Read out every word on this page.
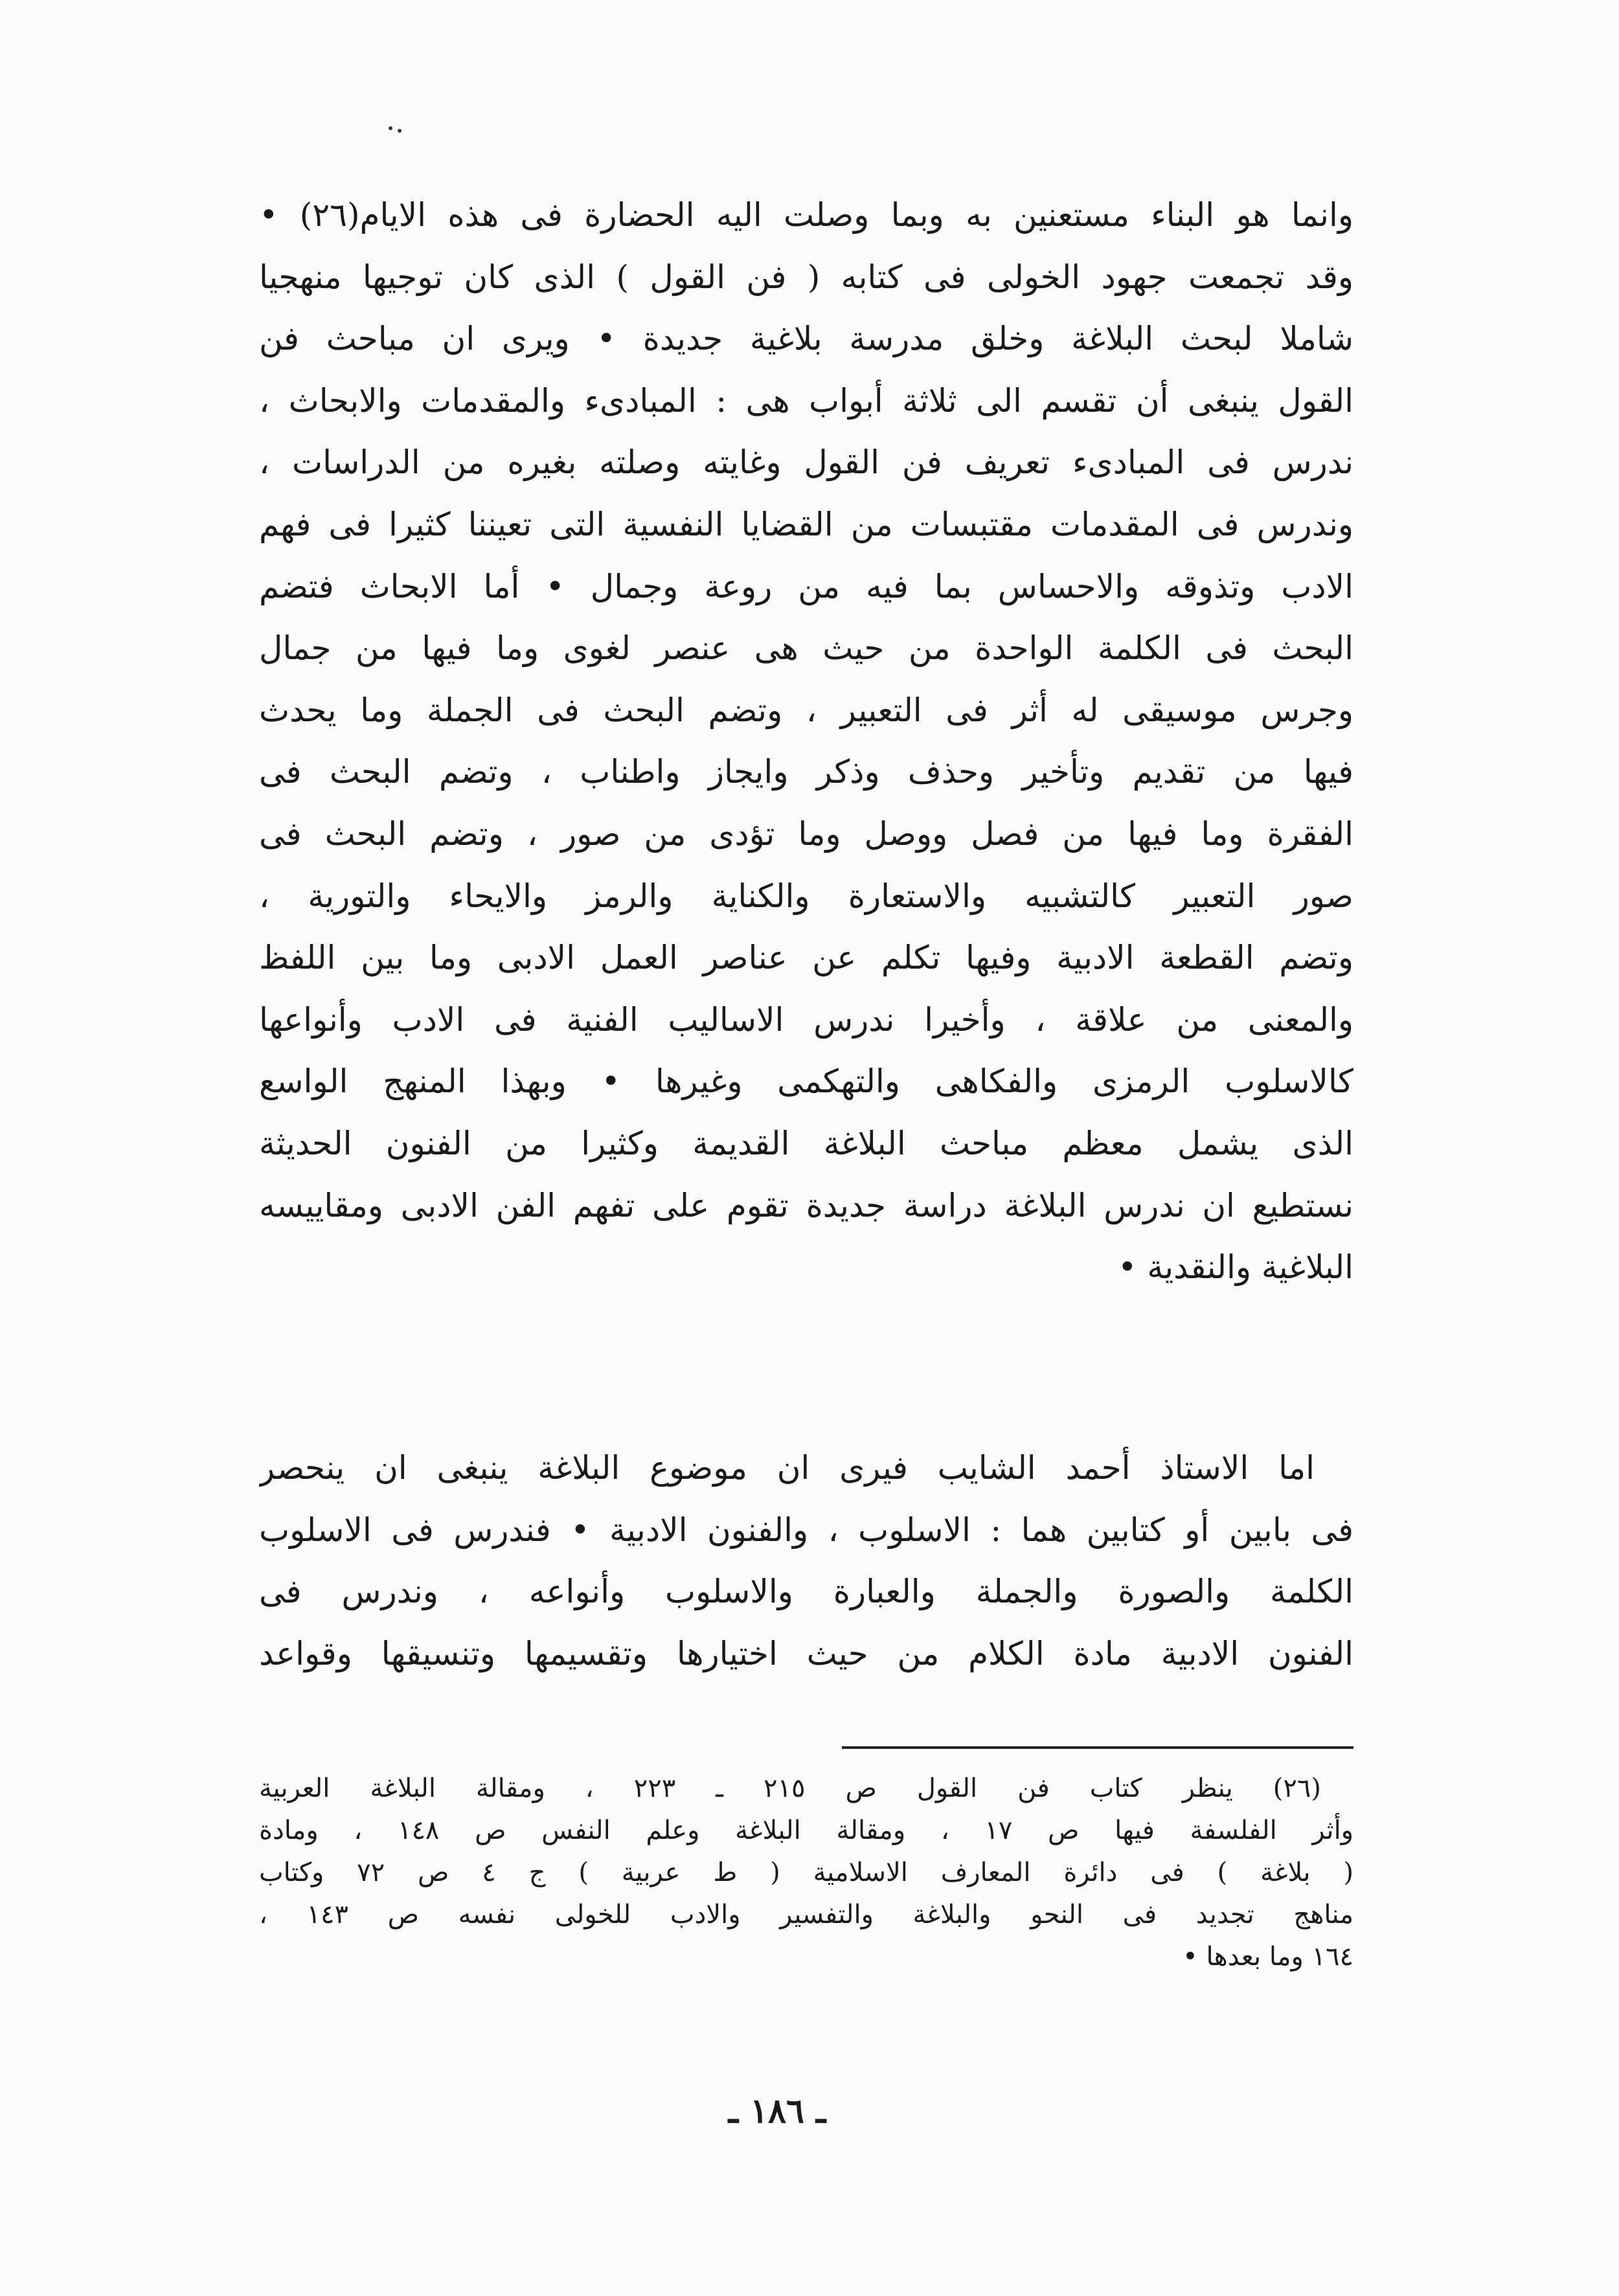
وانما هو البناء مستعنين به وبما وصلت اليه الحضارة فى هذه الايام(٢٦) •
وقد تجمعت جهود الخولى فى كتابه ( فن القول ) الذى كان توجيها منهجيا
شاملا لبحث البلاغة وخلق مدرسة بلاغية جديدة • ويرى ان مباحث فن
القول ينبغى أن تقسم الى ثلاثة أبواب هى : المبادىء والمقدمات والابحاث ،
ندرس فى المبادىء تعريف فن القول وغايته وصلته بغيره من الدراسات ،
وندرس فى المقدمات مقتبسات من القضايا النفسية التى تعيننا كثيرا فى فهم
الادب وتذوقه والاحساس بما فيه من روعة وجمال • أما الابحاث فتضم
البحث فى الكلمة الواحدة من حيث هى عنصر لغوى وما فيها من جمال
وجرس موسيقى له أثر فى التعبير ، وتضم البحث فى الجملة وما يحدث
فيها من تقديم وتأخير وحذف وذكر وايجاز واطناب ، وتضم البحث فى
الفقرة وما فيها من فصل ووصل وما تؤدى من صور ، وتضم البحث فى
صور التعبير كالتشبيه والاستعارة والكناية والرمز والايحاء والتورية ،
وتضم القطعة الادبية وفيها تكلم عن عناصر العمل الادبى وما بين اللفظ
والمعنى من علاقة ، وأخيرا ندرس الاساليب الفنية فى الادب وأنواعها
كالاسلوب الرمزى والفكاهى والتهكمى وغيرها • وبهذا المنهج الواسع
الذى يشمل معظم مباحث البلاغة القديمة وكثيرا من الفنون الحديثة
نستطيع ان ندرس البلاغة دراسة جديدة تقوم على تفهم الفن الادبى ومقاييسه
البلاغية والنقدية •
اما الاستاذ أحمد الشايب فيرى ان موضوع البلاغة ينبغى ان ينحصر
فى بابين أو كتابين هما : الاسلوب ، والفنون الادبية • فندرس فى الاسلوب
الكلمة والصورة والجملة والعبارة والاسلوب وأنواعه ، وندرس فى
الفنون الادبية مادة الكلام من حيث اختيارها وتقسيمها وتنسيقها وقواعد
(٢٦) ينظر كتاب فن القول ص ٢١٥ ـ ٢٢٣ ، ومقالة البلاغة العربية
وأثر الفلسفة فيها ص ١٧ ، ومقالة البلاغة وعلم النفس ص ١٤٨ ، ومادة
( بلاغة ) فى دائرة المعارف الاسلامية ( ط عربية ) ج ٤ ص ٧٢ وكتاب
مناهج تجديد فى النحو والبلاغة والتفسير والادب للخولى نفسه ص ١٤٣ ،
١٦٤ وما بعدها •
ـ ١٨٦ ـ
